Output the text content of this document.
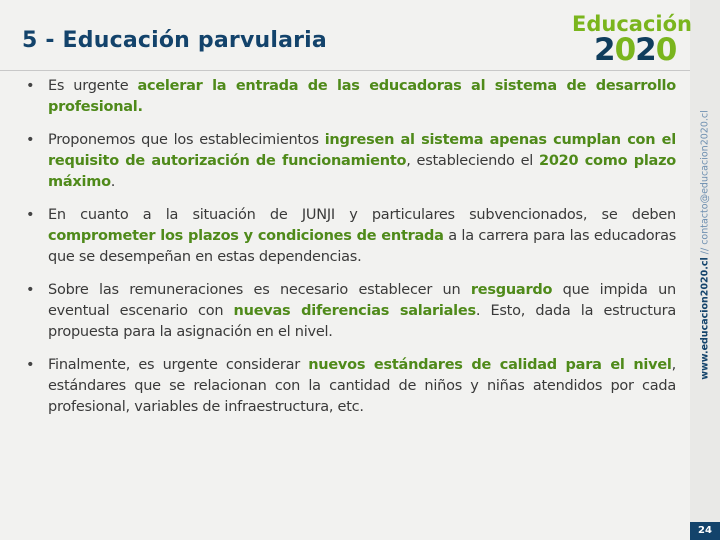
5 - Educación parvularia
Educación
2020
www.educacion2020.cl // contacto@educacion2020.cl
• Es urgente acelerar la entrada de las educadoras al sistema de desarrollo profesional.
• Proponemos que los establecimientos ingresen al sistema apenas cumplan con el requisito de autorización de funcionamiento, estableciendo el 2020 como plazo máximo.
• En cuanto a la situación de JUNJI y particulares subvencionados, se deben comprometer los plazos y condiciones de entrada a la carrera para las educadoras que se desempeñan en estas dependencias.
• Sobre las remuneraciones es necesario establecer un resguardo que impida un eventual escenario con nuevas diferencias salariales. Esto, dada la estructura propuesta para la asignación en el nivel.
• Finalmente, es urgente considerar nuevos estándares de calidad para el nivel, estándares que se relacionan con la cantidad de niños y niñas atendidos por cada profesional, variables de infraestructura, etc.
24
